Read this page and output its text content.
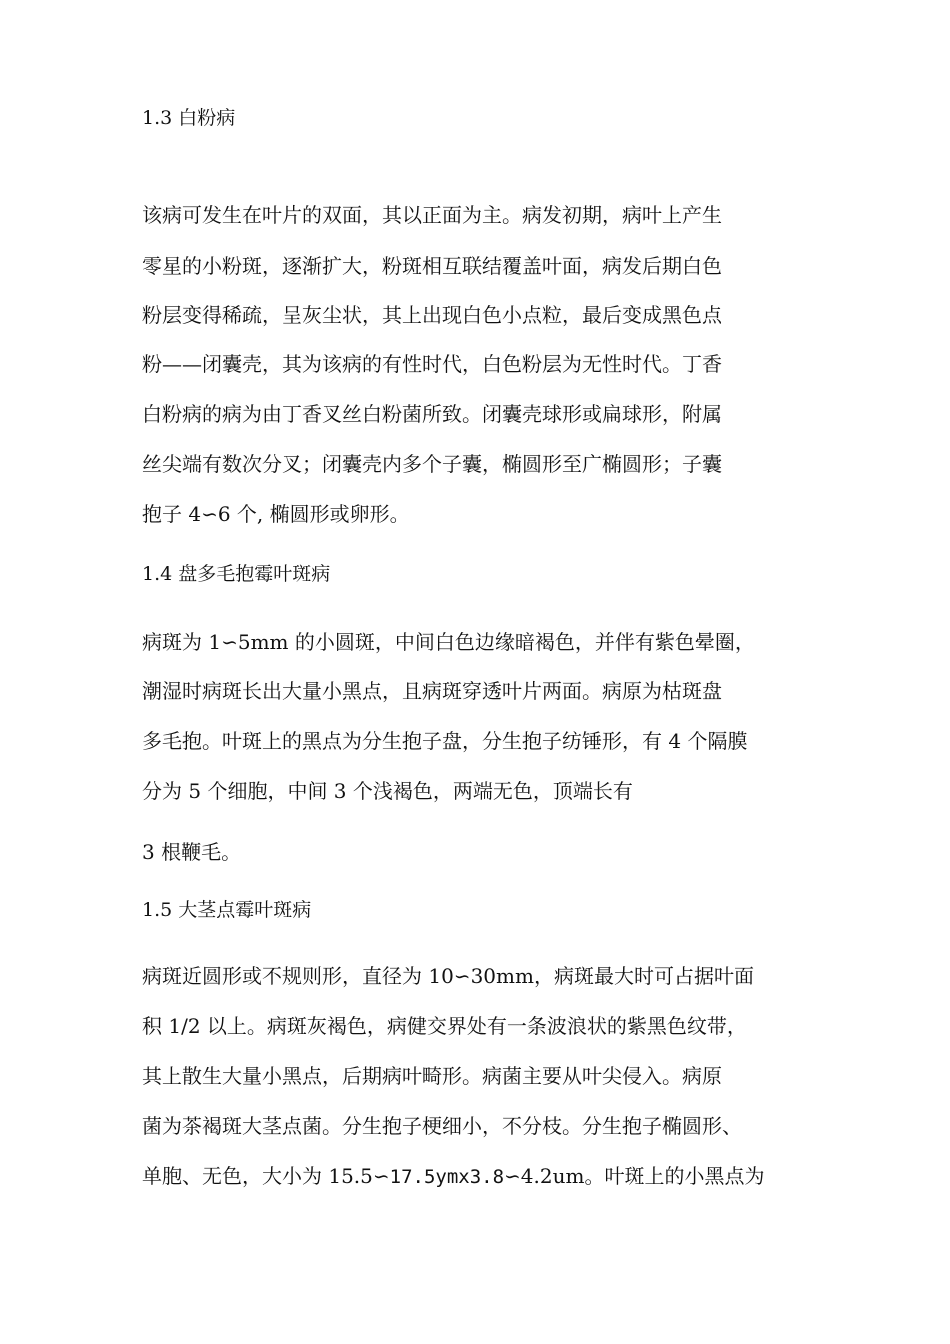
1.3 白粉病
该病可发生在叶片的双面，其以正面为主。病发初期，病叶上产生
零星的小粉斑，逐渐扩大，粉斑相互联结覆盖叶面，病发后期白色
粉层变得稀疏，呈灰尘状，其上出现白色小点粒，最后变成黑色点
粉——闭囊壳，其为该病的有性时代，白色粉层为无性时代。丁香
白粉病的病为由丁香叉丝白粉菌所致。闭囊壳球形或扁球形，附属
丝尖端有数次分叉；闭囊壳内多个子囊，椭圆形至广椭圆形；子囊
抱子 4∽6 个, 椭圆形或卵形。
1.4 盘多毛抱霉叶斑病
病斑为 1∽5mm 的小圆斑，中间白色边缘暗褐色，并伴有紫色晕圈，
潮湿时病斑长出大量小黑点，且病斑穿透叶片两面。病原为枯斑盘
多毛抱。叶斑上的黑点为分生抱子盘，分生抱子纺锤形，有 4 个隔膜
分为 5 个细胞，中间 3 个浅褐色，两端无色，顶端长有
3 根鞭毛。
1.5 大茎点霉叶斑病
病斑近圆形或不规则形，直径为 10∽30mm，病斑最大时可占据叶面
积 1/2 以上。病斑灰褐色，病健交界处有一条波浪状的紫黑色纹带，
其上散生大量小黑点，后期病叶畸形。病菌主要从叶尖侵入。病原
菌为茶褐斑大茎点菌。分生抱子梗细小，不分枝。分生抱子椭圆形、
单胞、无色，大小为 15.5∽17.5ymx3.8∽4.2um。叶斑上的小黑点为
